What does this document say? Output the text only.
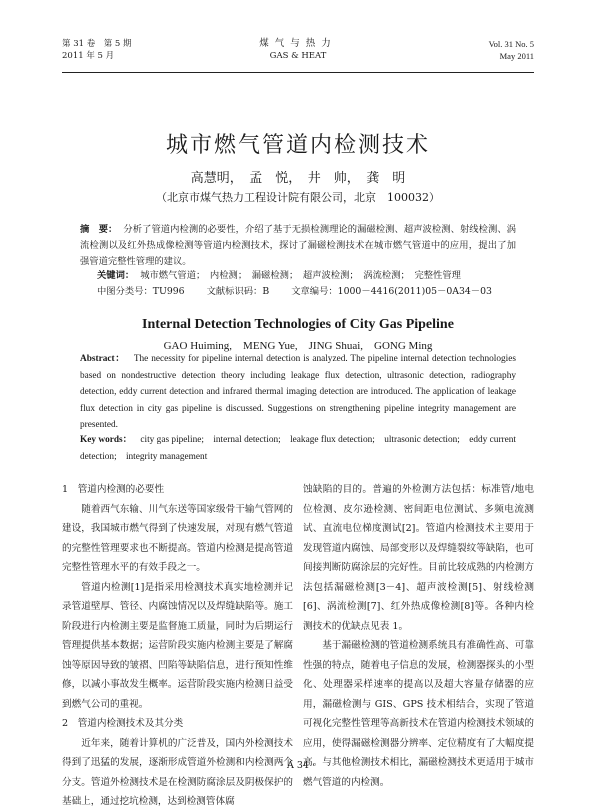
第 31 卷　第 5 期
2011 年 5 月
煤气与热力
GAS & HEAT
Vol. 31 No. 5
May 2011
城市燃气管道内检测技术
高慧明，　孟　悦，　井　帅，　龚　明
（北京市煤气热力工程设计院有限公司，北京　100032）
摘　要： 分析了管道内检测的必要性，介绍了基于无损检测理论的漏磁检测、超声波检测、射线检测、涡流检测以及红外热成像检测等管道内检测技术，探讨了漏磁检测技术在城市燃气管道中的应用，提出了加强管道完整性管理的建议。
关键词： 城市燃气管道；　内检测；　漏磁检测；　超声波检测；　涡流检测；　完整性管理
中图分类号：TU996 文献标识码：B 文章编号：1000－4416(2011)05－0A34－03
Internal Detection Technologies of City Gas Pipeline
GAO Huiming,　MENG Yue,　JING Shuai,　GONG Ming
Abstract： The necessity for pipeline internal detection is analyzed. The pipeline internal detection technologies based on nondestructive detection theory including leakage flux detection, ultrasonic detection, radiography detection, eddy current detection and infrared thermal imaging detection are introduced. The application of leakage flux detection in city gas pipeline is discussed. Suggestions on strengthening pipeline integrity management are presented.
Key words： city gas pipeline;　internal detection;　leakage flux detection;　ultrasonic detection;　eddy current detection;　integrity management
1　管道内检测的必要性

随着西气东输、川气东送等国家级骨干输气管网的建设，我国城市燃气得到了快速发展，对现有燃气管道的完整性管理要求也不断提高。管道内检测是提高管道完整性管理水平的有效手段之一。

管道内检测[1]是指采用检测技术真实地检测并记录管道壁厚、管径、内腐蚀情况以及焊缝缺陷等。施工阶段进行内检测主要是监督施工质量，同时为后期运行管理提供基本数据；运营阶段实施内检测主要是了解腐蚀等原因导致的皱褶、凹陷等缺陷信息，进行预知性维修，以减小事故发生概率。运营阶段实施内检测日益受到燃气公司的重视。

2　管道内检测技术及其分类

近年来，随着计算机的广泛普及，国内外检测技术得到了迅猛的发展，逐渐形成管道外检测和内检测两个分支。管道外检测技术是在检测防腐涂层及阴极保护的基础上，通过挖坑检测，达到检测管体腐

蚀缺陷的目的。普遍的外检测方法包括：标准管/地电位检测、皮尔逊检测、密间距电位测试、多频电流测试、直流电位梯度测试[2]。管道内检测技术主要用于发现管道内腐蚀、局部变形以及焊缝裂纹等缺陷，也可间接判断防腐涂层的完好性。目前比较成熟的内检测方法包括漏磁检测[3－4]、超声波检测[5]、射线检测[6]、涡流检测[7]、红外热成像检测[8]等。各种内检测技术的优缺点见表 1。

基于漏磁检测的管道检测系统具有准确性高、可靠性强的特点，随着电子信息的发展，检测器探头的小型化、处理器采样速率的提高以及超大容量存储器的应用，漏磁检测与 GIS、GPS 技术相结合，实现了管道可视化完整性管理等高新技术在管道内检测技术领域的应用，使得漏磁检测器分辨率、定位精度有了大幅度提高。与其他检测技术相比，漏磁检测技术更适用于城市燃气管道的内检测。

· A 34 ·
